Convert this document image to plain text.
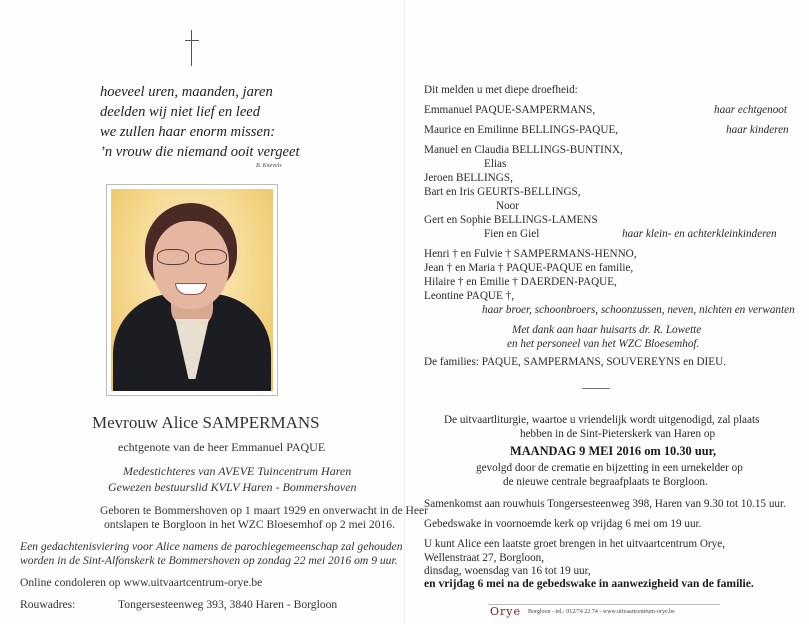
hoeveel uren, maanden, jaren
deelden wij niet lief en leed
we zullen haar enorm missen:
’n vrouw die niemand ooit vergeet
B. Knevels
Mevrouw Alice SAMPERMANS
echtgenote van de heer Emmanuel PAQUE
Medestichteres van AVEVE Tuincentrum Haren
Gewezen bestuurslid KVLV Haren - Bommershoven
Geboren te Bommershoven op 1 maart 1929 en onverwacht in de Heer
ontslapen te Borgloon in het WZC Bloesemhof op 2 mei 2016.
Een gedachtenisviering voor Alice namens de parochiegemeenschap zal gehouden
worden in de Sint-Alfonskerk te Bommershoven op zondag 22 mei 2016 om 9 uur.
Online condoleren op www.uitvaartcentrum-orye.be
Rouwadres:	Tongersesteenweg 393, 3840 Haren - Borgloon
Dit melden u met diepe droefheid:
Emmanuel PAQUE-SAMPERMANS,	haar echtgenoot
Maurice en Emilinne BELLINGS-PAQUE,	haar kinderen
Manuel en Claudia BELLINGS-BUNTINX,
Elias
Jeroen BELLINGS,
Bart en Iris GEURTS-BELLINGS,
Noor
Gert en Sophie BELLINGS-LAMENS
Fien en Giel	haar klein- en achterkleinkinderen
Henri † en Fulvie † SAMPERMANS-HENNO,
Jean † en Maria † PAQUE-PAQUE en familie,
Hilaire † en Emilie † DAERDEN-PAQUE,
Leontine PAQUE †,
haar broer, schoonbroers, schoonzussen, neven, nichten en verwanten
Met dank aan haar huisarts dr. R. Lowette
en het personeel van het WZC Bloesemhof.
De families: PAQUE, SAMPERMANS, SOUVEREYNS en DIEU.
De uitvaartliturgie, waartoe u vriendelijk wordt uitgenodigd, zal plaats
hebben in de Sint-Pieterskerk van Haren op
MAANDAG 9 MEI 2016 om 10.30 uur,
gevolgd door de crematie en bijzetting in een urnekelder op
de nieuwe centrale begraafplaats te Borgloon.
Samenkomst aan rouwhuis Tongersesteenweg 398, Haren van 9.30 tot 10.15 uur.
Gebedswake in voornoemde kerk op vrijdag 6 mei om 19 uur.
U kunt Alice een laatste groet brengen in het uitvaartcentrum Orye,
Wellenstraat 27, Borgloon,
dinsdag, woensdag van 16 tot 19 uur,
en vrijdag 6 mei na de gebedswake in aanwezigheid van de familie.
Orye Borgloon - tel.: 012/74 22 74 - www.uitvaartcentrum-orye.be
